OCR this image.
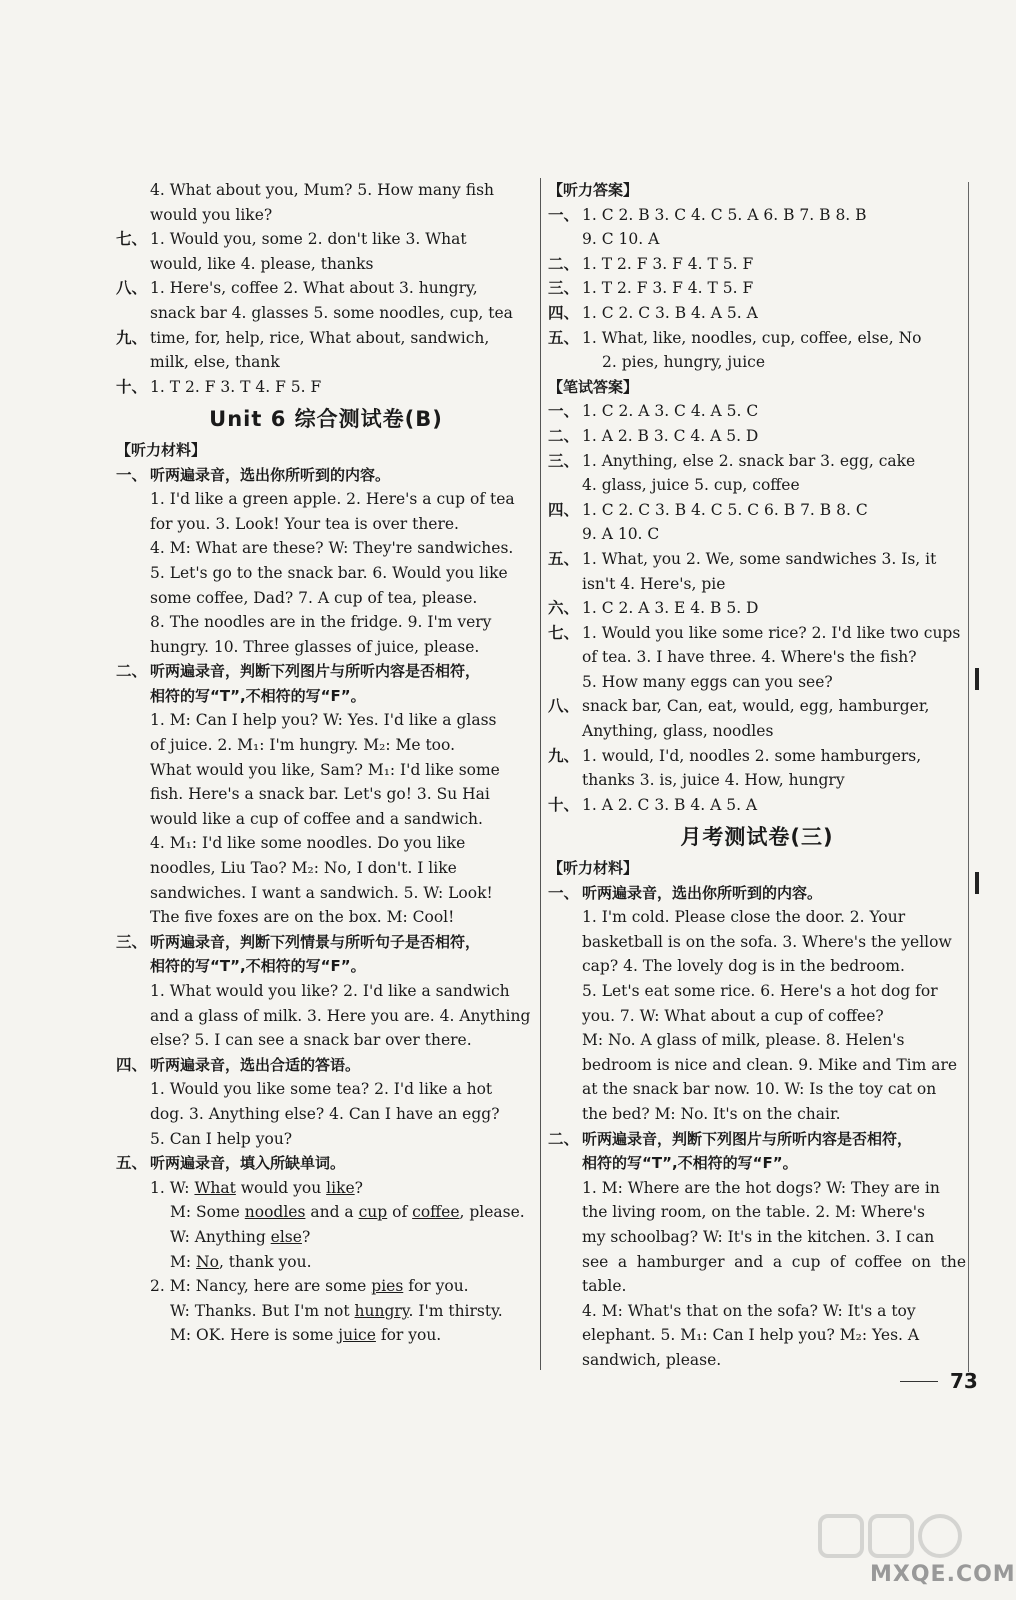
4. What about you, Mum? 5. How many fish
would you like?
七、 1. Would you, some 2. don't like 3. What
would, like 4. please, thanks
八、 1. Here's, coffee 2. What about 3. hungry,
snack bar 4. glasses 5. some noodles, cup, tea
九、 time, for, help, rice, What about, sandwich,
milk, else, thank
十、 1. T 2. F 3. T 4. F 5. F
Unit 6 综合测试卷(B)
【听力材料】
一、 听两遍录音，选出你所听到的内容。
1. I'd like a green apple. 2. Here's a cup of tea
for you. 3. Look! Your tea is over there.
4. M: What are these? W: They're sandwiches.
5. Let's go to the snack bar. 6. Would you like
some coffee, Dad? 7. A cup of tea, please.
8. The noodles are in the fridge. 9. I'm very
hungry. 10. Three glasses of juice, please.
二、 听两遍录音，判断下列图片与所听内容是否相符，
相符的写“T”,不相符的写“F”。
1. M: Can I help you? W: Yes. I'd like a glass
of juice. 2. M₁: I'm hungry. M₂: Me too.
What would you like, Sam? M₁: I'd like some
fish. Here's a snack bar. Let's go! 3. Su Hai
would like a cup of coffee and a sandwich.
4. M₁: I'd like some noodles. Do you like
noodles, Liu Tao? M₂: No, I don't. I like
sandwiches. I want a sandwich. 5. W: Look!
The five foxes are on the box. M: Cool!
三、 听两遍录音，判断下列情景与所听句子是否相符，
相符的写“T”,不相符的写“F”。
1. What would you like? 2. I'd like a sandwich
and a glass of milk. 3. Here you are. 4. Anything
else? 5. I can see a snack bar over there.
四、 听两遍录音，选出合适的答语。
1. Would you like some tea? 2. I'd like a hot
dog. 3. Anything else? 4. Can I have an egg?
5. Can I help you?
五、 听两遍录音，填入所缺单词。
1. W: What would you like?
M: Some noodles and a cup of coffee, please.
W: Anything else?
M: No, thank you.
2. M: Nancy, here are some pies for you.
W: Thanks. But I'm not hungry. I'm thirsty.
M: OK. Here is some juice for you.
【听力答案】
一、 1. C 2. B 3. C 4. C 5. A 6. B 7. B 8. B
9. C 10. A
二、 1. T 2. F 3. F 4. T 5. F
三、 1. T 2. F 3. F 4. T 5. F
四、 1. C 2. C 3. B 4. A 5. A
五、 1. What, like, noodles, cup, coffee, else, No
2. pies, hungry, juice
【笔试答案】
一、 1. C 2. A 3. C 4. A 5. C
二、 1. A 2. B 3. C 4. A 5. D
三、 1. Anything, else 2. snack bar 3. egg, cake
4. glass, juice 5. cup, coffee
四、 1. C 2. C 3. B 4. C 5. C 6. B 7. B 8. C
9. A 10. C
五、 1. What, you 2. We, some sandwiches 3. Is, it
isn't 4. Here's, pie
六、 1. C 2. A 3. E 4. B 5. D
七、 1. Would you like some rice? 2. I'd like two cups
of tea. 3. I have three. 4. Where's the fish?
5. How many eggs can you see?
八、 snack bar, Can, eat, would, egg, hamburger,
Anything, glass, noodles
九、 1. would, I'd, noodles 2. some hamburgers,
thanks 3. is, juice 4. How, hungry
十、 1. A 2. C 3. B 4. A 5. A
月考测试卷(三)
【听力材料】
一、 听两遍录音，选出你所听到的内容。
1. I'm cold. Please close the door. 2. Your
basketball is on the sofa. 3. Where's the yellow
cap? 4. The lovely dog is in the bedroom.
5. Let's eat some rice. 6. Here's a hot dog for
you. 7. W: What about a cup of coffee?
M: No. A glass of milk, please. 8. Helen's
bedroom is nice and clean. 9. Mike and Tim are
at the snack bar now. 10. W: Is the toy cat on
the bed? M: No. It's on the chair.
二、 听两遍录音，判断下列图片与所听内容是否相符，
相符的写“T”,不相符的写“F”。
1. M: Where are the hot dogs? W: They are in
the living room, on the table. 2. M: Where's
my schoolbag? W: It's in the kitchen. 3. I can
see a hamburger and a cup of coffee on the table.
4. M: What's that on the sofa? W: It's a toy
elephant. 5. M₁: Can I help you? M₂: Yes. A
sandwich, please.
73
MXQE.COM
